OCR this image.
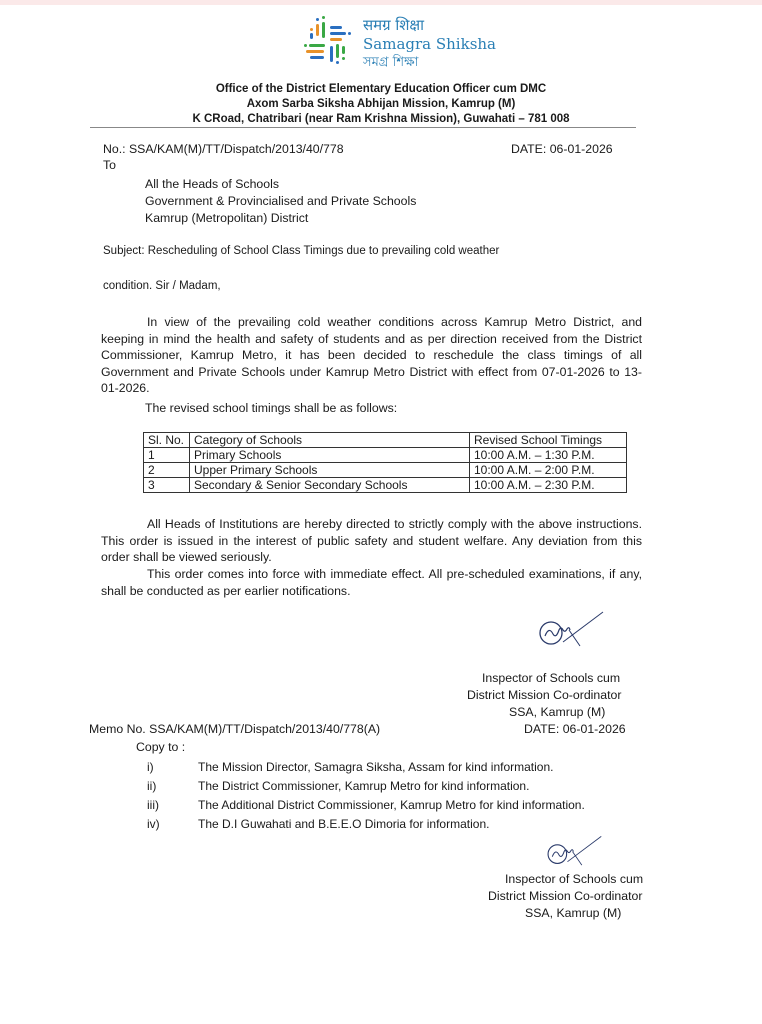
समग्र शिक्षा
Samagra Shiksha
সমগ্ৰ শিক্ষা
Office of the District Elementary Education Officer cum DMC
Axom Sarba Siksha Abhijan Mission, Kamrup (M)
K CRoad, Chatribari (near Ram Krishna Mission), Guwahati – 781 008
No.: SSA/KAM(M)/TT/Dispatch/2013/40/778	DATE: 06-01-2026
To
All the Heads of Schools
Government & Provincialised and Private Schools
Kamrup (Metropolitan) District
Subject: Rescheduling of School Class Timings due to prevailing cold weather
condition. Sir / Madam,
In view of the prevailing cold weather conditions across Kamrup Metro District, and keeping in mind the health and safety of students and as per direction received from the District Commissioner, Kamrup Metro, it has been decided to reschedule the class timings of all Government and Private Schools under Kamrup Metro District with effect from 07-01-2026 to 13-01-2026.
The revised school timings shall be as follows:
Sl. No.	Category of Schools	Revised School Timings
1	Primary Schools	10:00 A.M. – 1:30 P.M.
2	Upper Primary Schools	10:00 A.M. – 2:00 P.M.
3	Secondary & Senior Secondary Schools	10:00 A.M. – 2:30 P.M.
All Heads of Institutions are hereby directed to strictly comply with the above instructions. This order is issued in the interest of public safety and student welfare. Any deviation from this order shall be viewed seriously.
This order comes into force with immediate effect. All pre-scheduled examinations, if any, shall be conducted as per earlier notifications.
Inspector of Schools cum
District Mission Co-ordinator
SSA, Kamrup (M)
Memo No. SSA/KAM(M)/TT/Dispatch/2013/40/778(A)	DATE: 06-01-2026
Copy to :
i)	The Mission Director, Samagra Siksha, Assam for kind information.
ii)	The District Commissioner, Kamrup Metro for kind information.
iii)	The Additional District Commissioner, Kamrup Metro for kind information.
iv)	The D.I Guwahati and B.E.E.O Dimoria for information.
Inspector of Schools cum
District Mission Co-ordinator
SSA, Kamrup (M)
